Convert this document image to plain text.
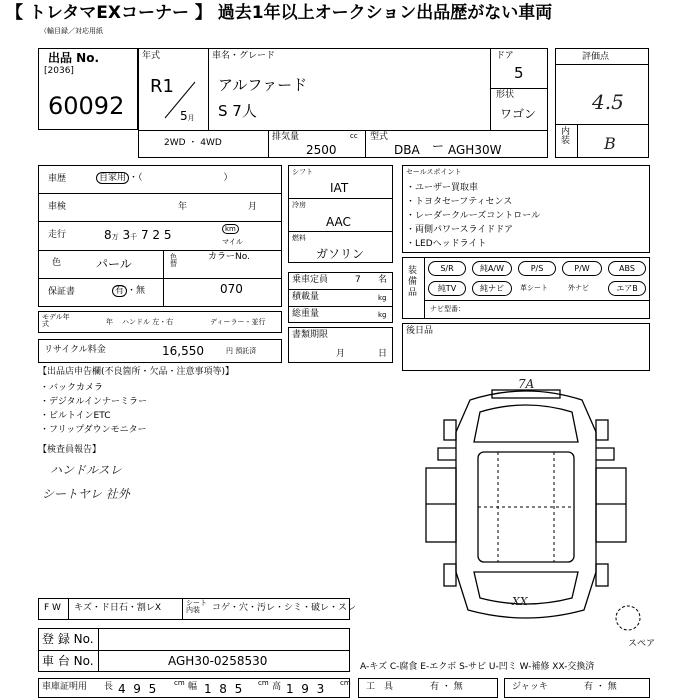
【 トレタマEXコーナー 】 過去1年以上オークション出品歴がない車両
（輸目録／対応用紙
出品 No.
[2036]
60092
年式
R1
5月
車名・グレード
アルファード
S 7人
ドア
5
形状
ワゴン
2WD ・ 4WD
排気量	cc
2500
型式
DBA ー AGH30W
評価点
4.5
内装 B
車歴	自家用 ・（　　　　　　　　　）
車検	年	月
走行	8万 3千 7 2 5	km
マイル
色	パール	色替
カラーNo.
070
保証書	有 ・無
モデル年式	年 ハンドル 左・右	ディーラー・並行
リサイクル料金	16,550	円 預託済
シフト
IAT
冷房
AAC
燃料
ガソリン
乗車定員	7 名
積載量	kg
総重量	kg
書類期限
月	日
セールスポイント
・ユーザー買取車
・トヨタセーフティセンス
・レーダークルーズコントロール
・両側パワースライドドア
・LEDヘッドライト
装備品
S/R	純A/W	P/S	P/W	ABS
純TV	純ナビ	革シート	外ナビ	エアB
ナビ型番：
後日品
【出品店申告欄(不良箇所・欠品・注意事項等)】
・バックカメラ
・デジタルインナーミラー
・ビルトインETC
・フリップダウンモニター
【検査員報告】
ハンドルスレ
シートヤレ 社外
7A
XX
スペア
F W キズ・ド日石・割レX	シート内装	コゲ・穴・汚レ・シミ・破レ・スレ
登 録 No.
車 台 No.	AGH30-0258530	A-キズ C-腐食 E-エクボ S-サビ U-凹ミ W-補修 XX-交換済
車庫証明用 長 4 9 5	cm 幅 1 8 5 cm 高 1 9 3 cm 工　具	有 ・ 無	ジャッキ	有 ・ 無
